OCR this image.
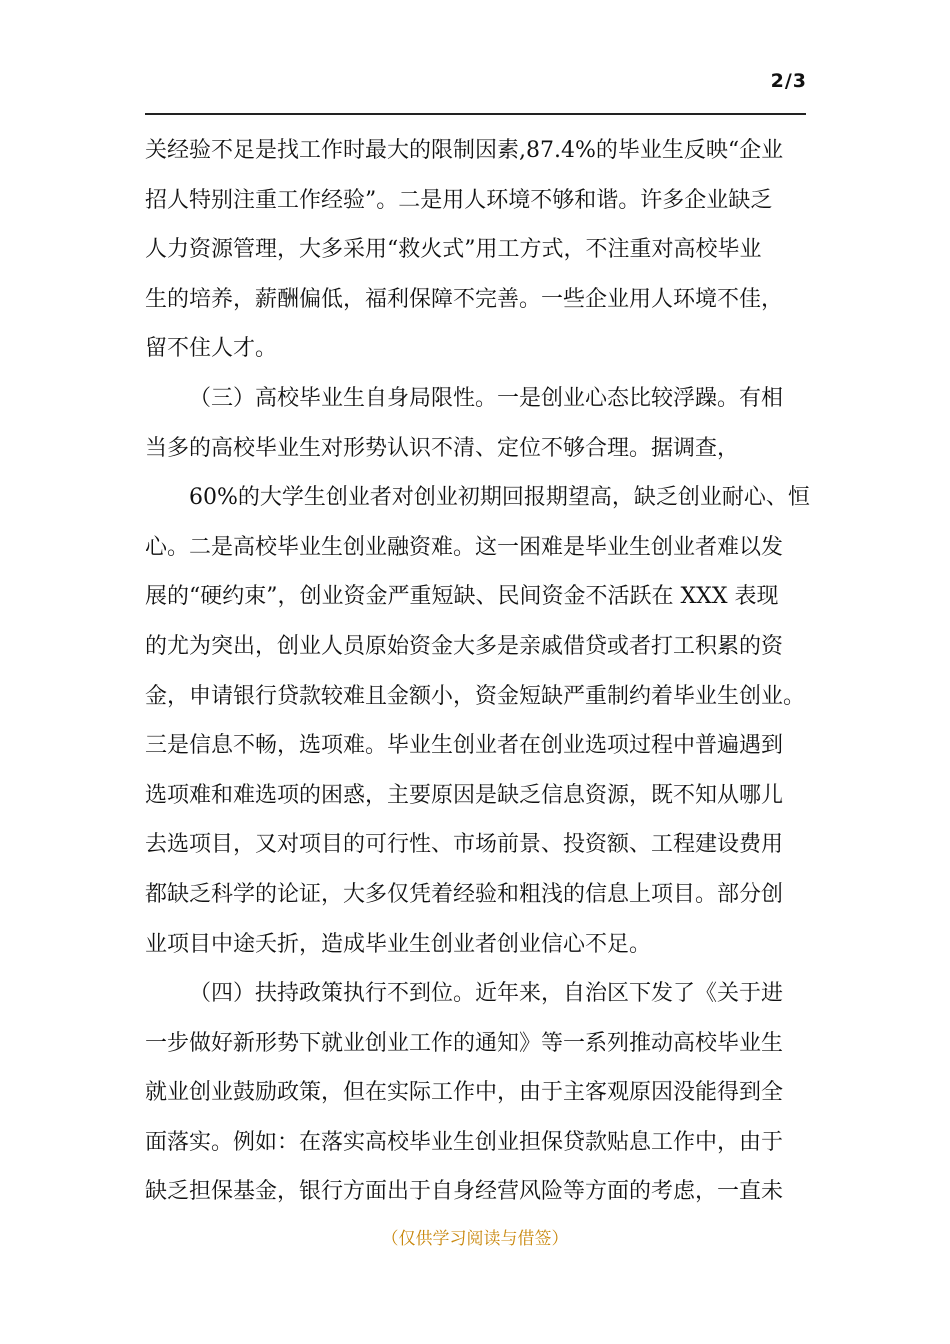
2/3
关经验不足是找工作时最大的限制因素,87.4%的毕业生反映“企业
招人特别注重工作经验”。二是用人环境不够和谐。许多企业缺乏
人力资源管理，大多采用“救火式”用工方式，不注重对高校毕业
生的培养，薪酬偏低，福利保障不完善。一些企业用人环境不佳，
留不住人才。
（三）高校毕业生自身局限性。一是创业心态比较浮躁。有相
当多的高校毕业生对形势认识不清、定位不够合理。据调查，
60%的大学生创业者对创业初期回报期望高，缺乏创业耐心、恒
心。二是高校毕业生创业融资难。这一困难是毕业生创业者难以发
展的“硬约束”，创业资金严重短缺、民间资金不活跃在 XXX 表现
的尤为突出，创业人员原始资金大多是亲戚借贷或者打工积累的资
金，申请银行贷款较难且金额小，资金短缺严重制约着毕业生创业。
三是信息不畅，选项难。毕业生创业者在创业选项过程中普遍遇到
选项难和难选项的困惑，主要原因是缺乏信息资源，既不知从哪儿
去选项目，又对项目的可行性、市场前景、投资额、工程建设费用
都缺乏科学的论证，大多仅凭着经验和粗浅的信息上项目。部分创
业项目中途夭折，造成毕业生创业者创业信心不足。
（四）扶持政策执行不到位。近年来，自治区下发了《关于进
一步做好新形势下就业创业工作的通知》等一系列推动高校毕业生
就业创业鼓励政策，但在实际工作中，由于主客观原因没能得到全
面落实。例如：在落实高校毕业生创业担保贷款贴息工作中，由于
缺乏担保基金，银行方面出于自身经营风险等方面的考虑，一直未
（仅供学习阅读与借签）
